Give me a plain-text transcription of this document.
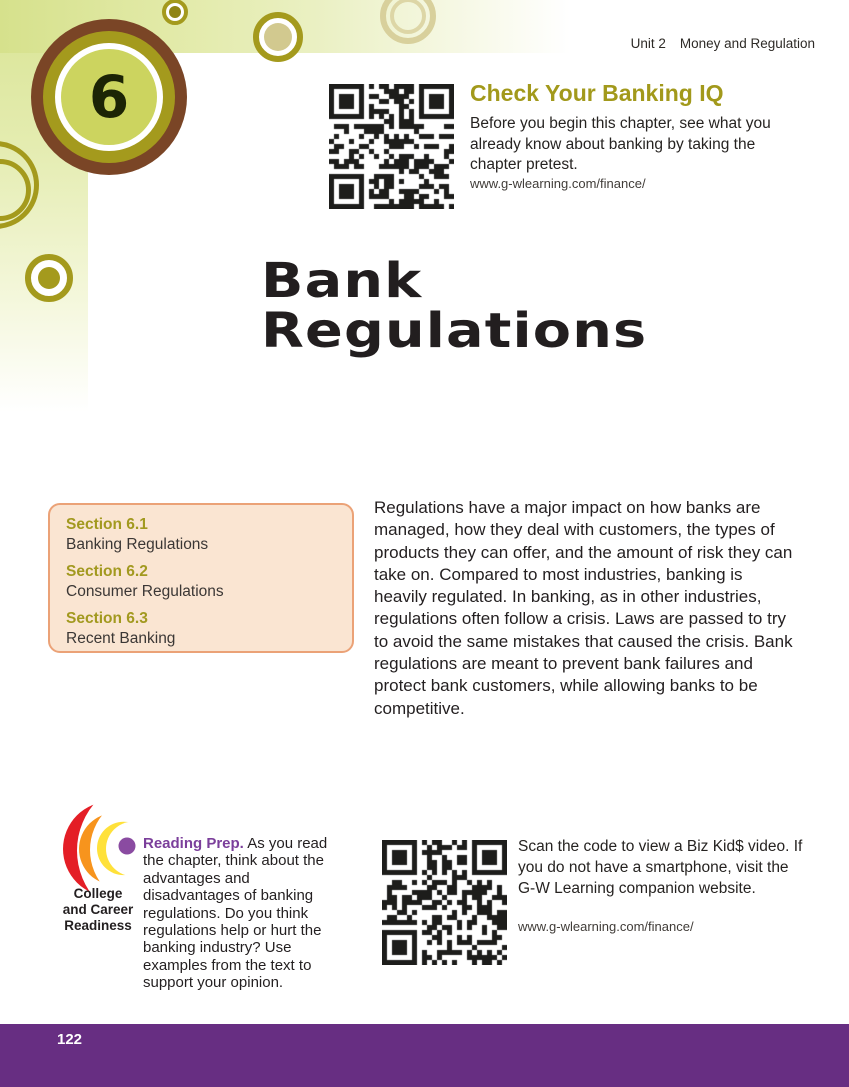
6
Unit 2 Money and Regulation
Check Your Banking IQ
Before you begin this chapter, see what you already know about banking by taking the chapter pretest.
www.g-wlearning.com/finance/
Bank
Regulations
Section 6.1
Banking Regulations
Section 6.2
Consumer Regulations
Section 6.3
Recent Banking
Regulations have a major impact on how banks are managed, how they deal with customers, the types of products they can offer, and the amount of risk they can take on. Compared to most industries, banking is heavily regulated. In banking, as in other industries, regulations often follow a crisis. Laws are passed to try to avoid the same mistakes that caused the crisis. Bank regulations are meant to prevent bank failures and protect bank customers, while allowing banks to be competitive.
College
and Career
Readiness
Reading Prep. As you read the chapter, think about the advantages and disadvantages of banking regulations. Do you think regulations help or hurt the banking industry? Use examples from the text to support your opinion.
Scan the code to view a Biz Kid$ video. If you do not have a smartphone, visit the G-W Learning companion website.
www.g-wlearning.com/finance/
122
